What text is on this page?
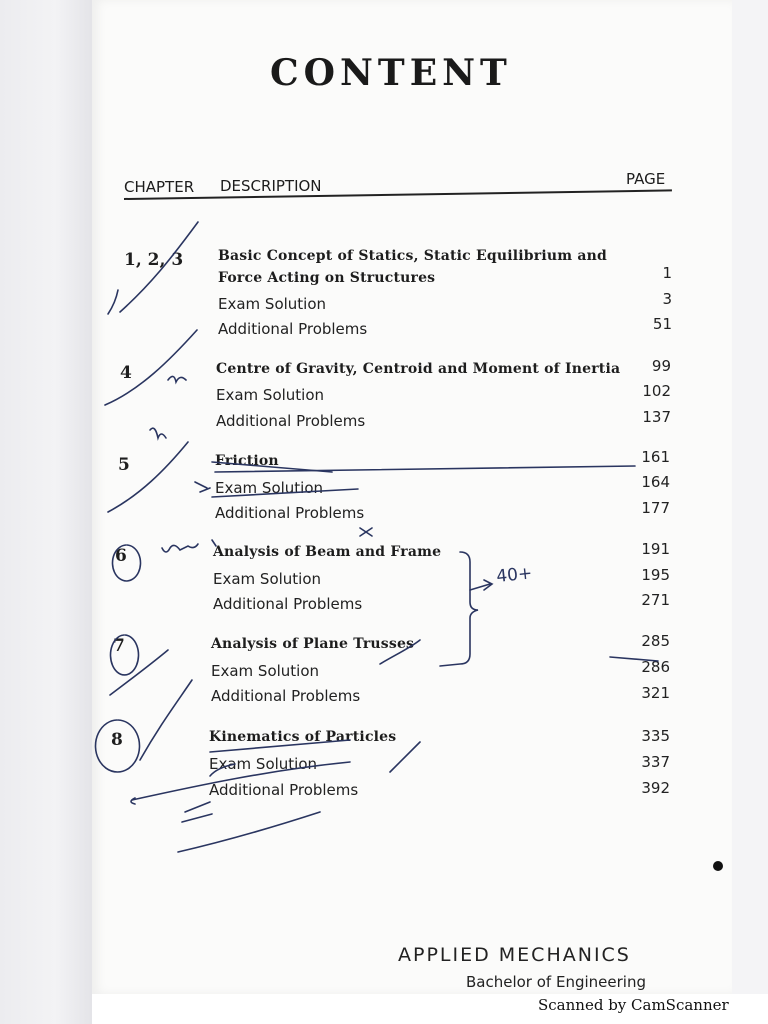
CONTENT
CHAPTER DESCRIPTION	PAGE
1, 2, 3 Basic Concept of Statics, Static Equilibrium and
Force Acting on Structures	1
Exam Solution	3
Additional Problems	51
4	Centre of Gravity, Centroid and Moment of Inertia	99
Exam Solution	102
Additional Problems	137
5	Friction	161
Exam Solution	164
Additional Problems	177
6	Analysis of Beam and Frame	191
Exam Solution	195
Additional Problems	271
7	Analysis of Plane Trusses	285
Exam Solution	286
Additional Problems	321
8	Kinematics of Particles	335
Exam Solution	337
Additional Problems	392
40+
APPLIED MECHANICS
Bachelor of Engineering
Scanned by CamScanner
